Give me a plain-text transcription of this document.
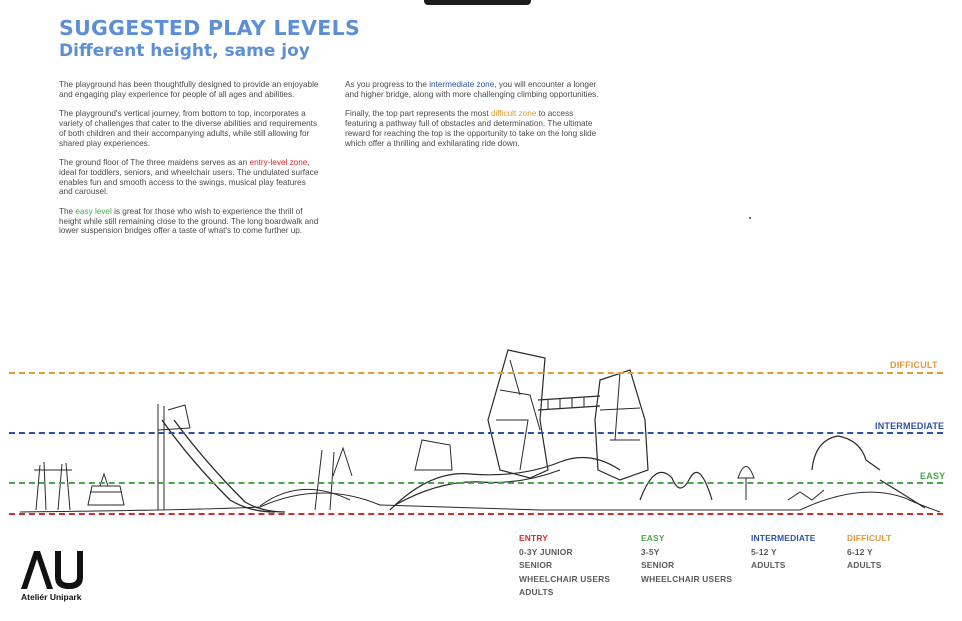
SUGGESTED PLAY LEVELS
Different height, same joy

The playground has been thoughtfully designed to provide an enjoyable and engaging play experience for people of all ages and abilities.

The playground's vertical journey, from bottom to top, incorporates a variety of challenges that cater to the diverse abilities and requirements of both children and their accompanying adults, while still allowing for shared play experiences.

The ground floor of The three maidens serves as an entry-level zone, ideal for toddlers, seniors, and wheelchair users. The undulated surface enables fun and smooth access to the swings, musical play features and carousel.

The easy level is great for those who wish to experience the thrill of height while still remaining close to the ground. The long boardwalk and lower suspension bridges offer a taste of what's to come further up.

As you progress to the intermediate zone, you will encounter a longer and higher bridge, along with more challenging climbing opportunities.

Finally, the top part represents the most difficult zone to access featuring a pathway full of obstacles and determination. The ultimate reward for reaching the top is the opportunity to take on the long slide which offer a thrilling and exhilarating ride down.

DIFFICULT
INTERMEDIATE
EASY
ENTRY
0-3Y JUNIOR
SENIOR
WHEELCHAIR USERS
ADULTS
EASY
3-5Y
SENIOR
WHEELCHAIR USERS
INTERMEDIATE
5-12 Y
ADULTS
DIFFICULT
6-12 Y
ADULTS
Ateliér Unipark
